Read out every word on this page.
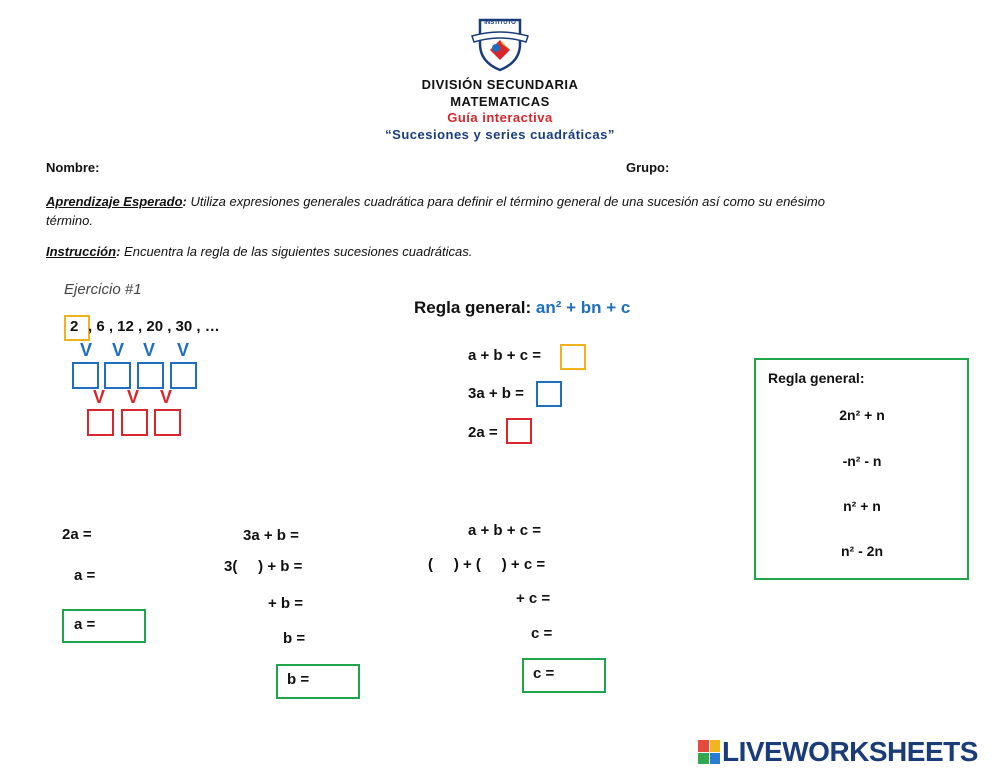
INSTITUTO
DIVISIÓN SECUNDARIA
MATEMATICAS
Guía interactiva
“Sucesiones y series cuadráticas”
Nombre:	Grupo:
Aprendizaje Esperado: Utiliza expresiones generales cuadrática para definir el término general de una sucesión así como su enésimo
término.
Instrucción: Encuentra la regla de las siguientes sucesiones cuadráticas.
Ejercicio #1
2 , 6 , 12 , 20 , 30 , …
V V V V
V V V
Regla general: an² + bn + c
a + b + c =
3a + b =
2a =
Regla general:
2n² + n
-n² - n
n² + n
n² - 2n
2a =
a =
a =
3a + b =
3(     ) + b =
+ b =
b =
b =
a + b + c =
(     ) + (     ) + c =
+ c =
c =
c =
LIVEWORKSHEETS
